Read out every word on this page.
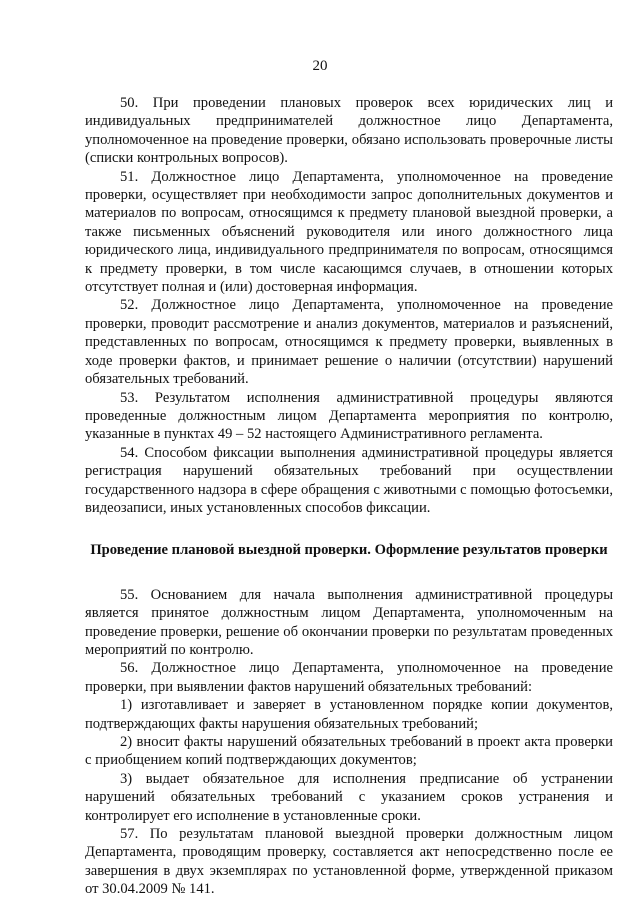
20

50. При проведении плановых проверок всех юридических лиц и индивидуальных предпринимателей должностное лицо Департамента, уполномоченное на проведение проверки, обязано использовать проверочные листы (списки контрольных вопросов).

51. Должностное лицо Департамента, уполномоченное на проведение проверки, осуществляет при необходимости запрос дополнительных документов и материалов по вопросам, относящимся к предмету плановой выездной проверки, а также письменных объяснений руководителя или иного должностного лица юридического лица, индивидуального предпринимателя по вопросам, относящимся к предмету проверки, в том числе касающимся случаев, в отношении которых отсутствует полная и (или) достоверная информация.

52. Должностное лицо Департамента, уполномоченное на проведение проверки, проводит рассмотрение и анализ документов, материалов и разъяснений, представленных по вопросам, относящимся к предмету проверки, выявленных в ходе проверки фактов, и принимает решение о наличии (отсутствии) нарушений обязательных требований.

53. Результатом исполнения административной процедуры являются проведенные должностным лицом Департамента мероприятия по контролю, указанные в пунктах 49 – 52 настоящего Административного регламента.

54. Способом фиксации выполнения административной процедуры является регистрация нарушений обязательных требований при осуществлении государственного надзора в сфере обращения с животными с помощью фотосъемки, видеозаписи, иных установленных способов фиксации.

Проведение плановой выездной проверки. Оформление результатов проверки

55. Основанием для начала выполнения административной процедуры является принятое должностным лицом Департамента, уполномоченным на проведение проверки, решение об окончании проверки по результатам проведенных мероприятий по контролю.

56. Должностное лицо Департамента, уполномоченное на проведение проверки, при выявлении фактов нарушений обязательных требований:

1) изготавливает и заверяет в установленном порядке копии документов, подтверждающих факты нарушения обязательных требований;

2) вносит факты нарушений обязательных требований в проект акта проверки с приобщением копий подтверждающих документов;

3) выдает обязательное для исполнения предписание об устранении нарушений обязательных требований с указанием сроков устранения и контролирует его исполнение в установленные сроки.

57. По результатам плановой выездной проверки должностным лицом Департамента, проводящим проверку, составляется акт непосредственно после ее завершения в двух экземплярах по установленной форме, утвержденной приказом от 30.04.2009 № 141.
